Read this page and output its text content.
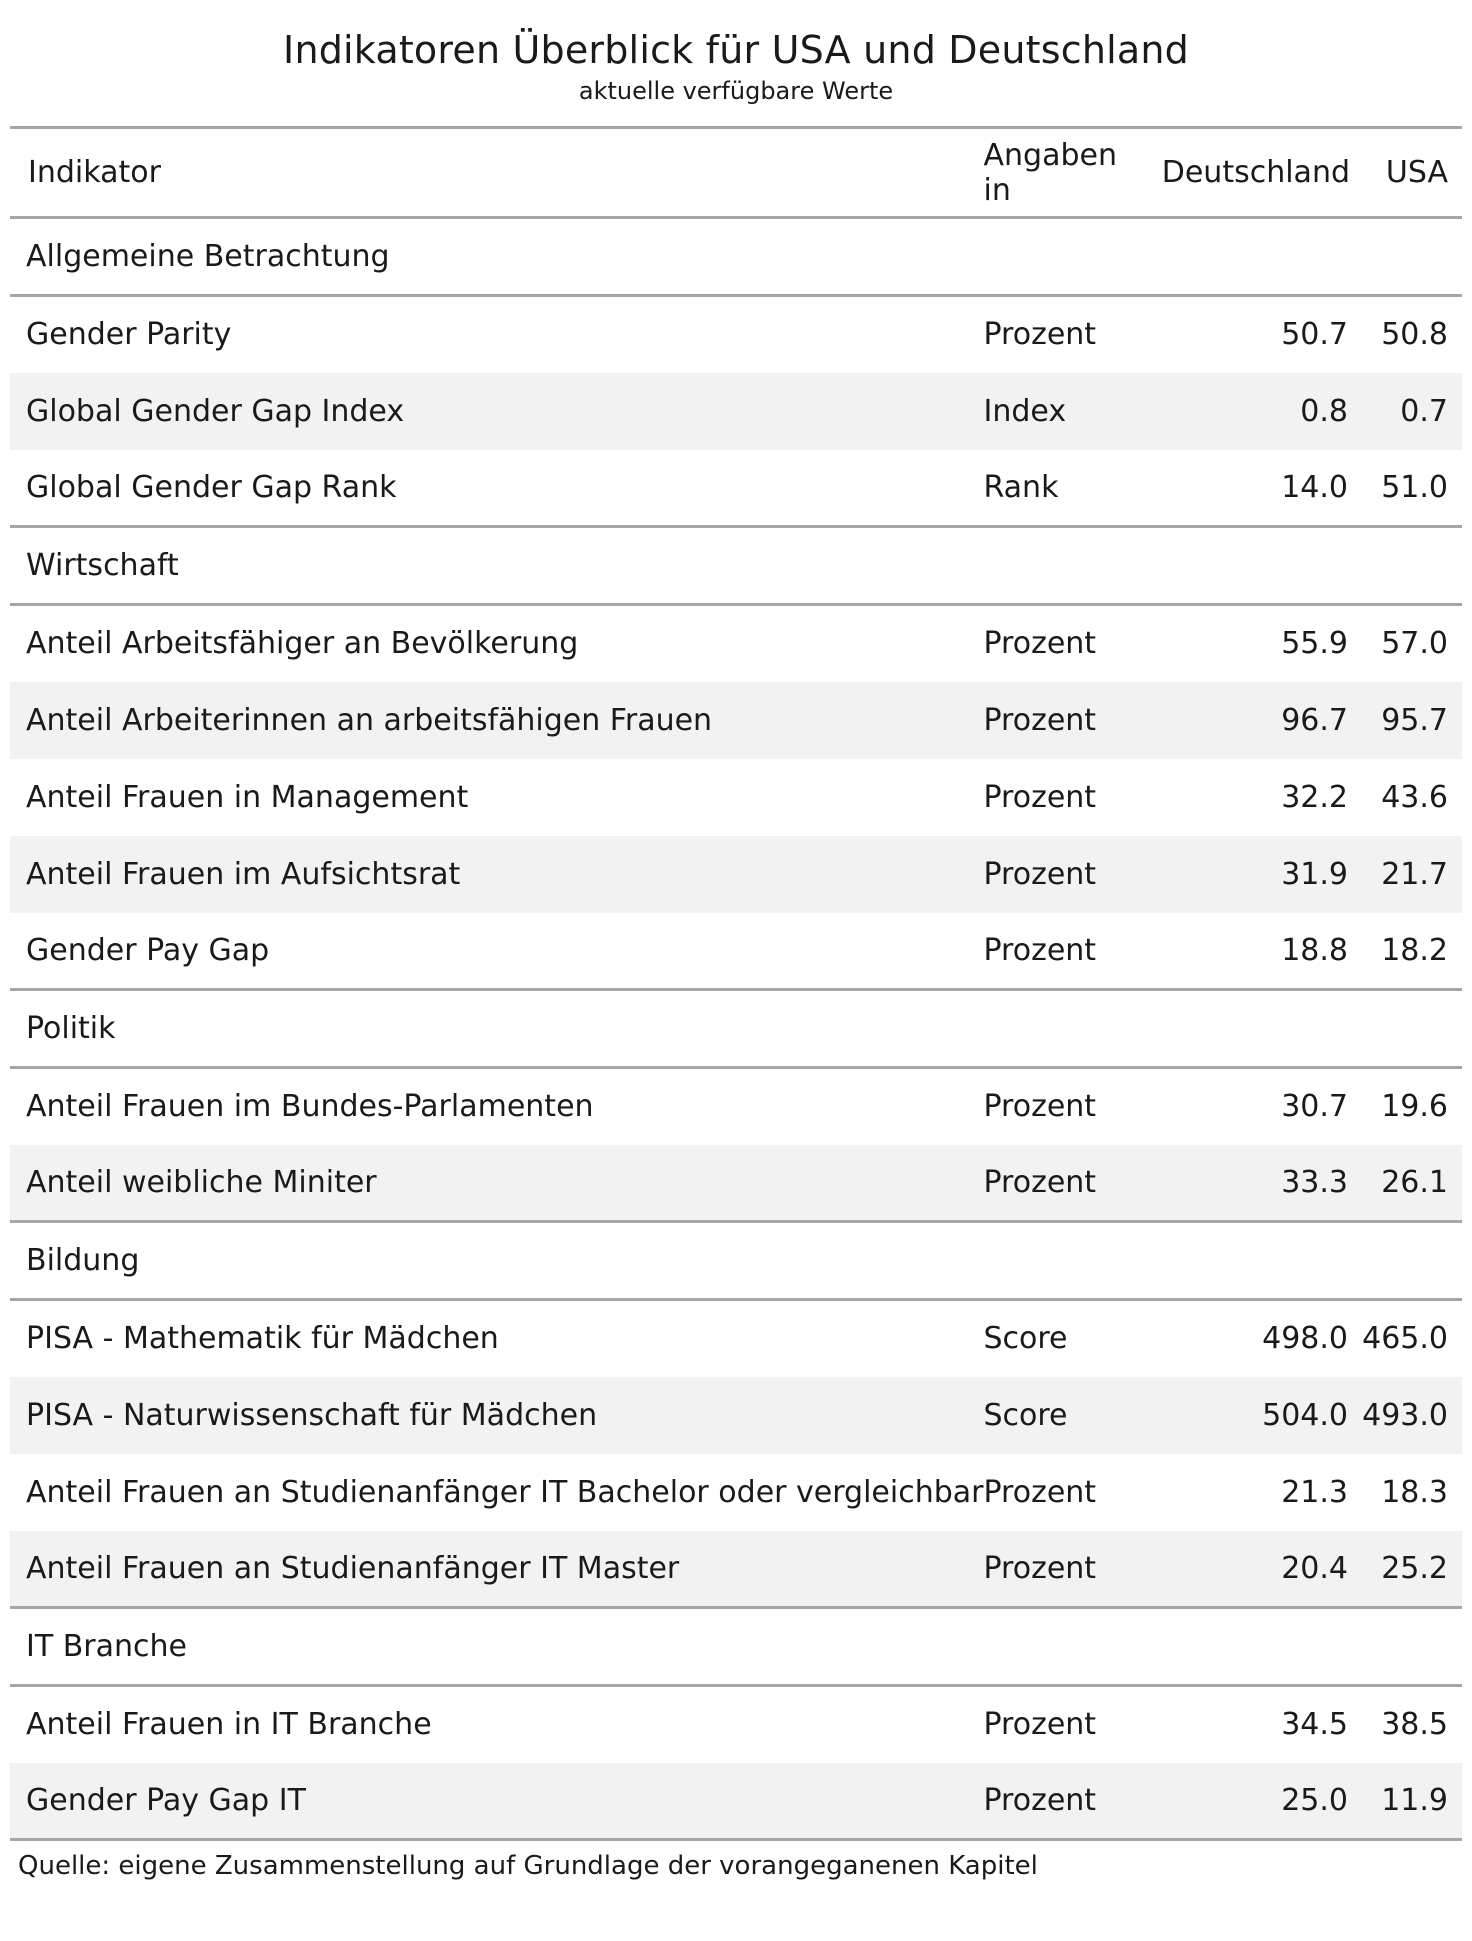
Indikatoren Überblick für USA und Deutschland
aktuelle verfügbare Werte
Indikator	Angaben in	Deutschland	USA
Allgemeine Betrachtung			
Gender Parity	Prozent	50.7	50.8
Global Gender Gap Index	Index	0.8	0.7
Global Gender Gap Rank	Rank	14.0	51.0
Wirtschaft			
Anteil Arbeitsfähiger an Bevölkerung	Prozent	55.9	57.0
Anteil Arbeiterinnen an arbeitsfähigen Frauen	Prozent	96.7	95.7
Anteil Frauen in Management	Prozent	32.2	43.6
Anteil Frauen im Aufsichtsrat	Prozent	31.9	21.7
Gender Pay Gap	Prozent	18.8	18.2
Politik			
Anteil Frauen im Bundes-Parlamenten	Prozent	30.7	19.6
Anteil weibliche Miniter	Prozent	33.3	26.1
Bildung			
PISA - Mathematik für Mädchen	Score	498.0	465.0
PISA - Naturwissenschaft für Mädchen	Score	504.0	493.0
Anteil Frauen an Studienanfänger IT Bachelor oder vergleichbar	Prozent	21.3	18.3
Anteil Frauen an Studienanfänger IT Master	Prozent	20.4	25.2
IT Branche			
Anteil Frauen in IT Branche	Prozent	34.5	38.5
Gender Pay Gap IT	Prozent	25.0	11.9
Quelle: eigene Zusammenstellung auf Grundlage der vorangeganenen Kapitel
